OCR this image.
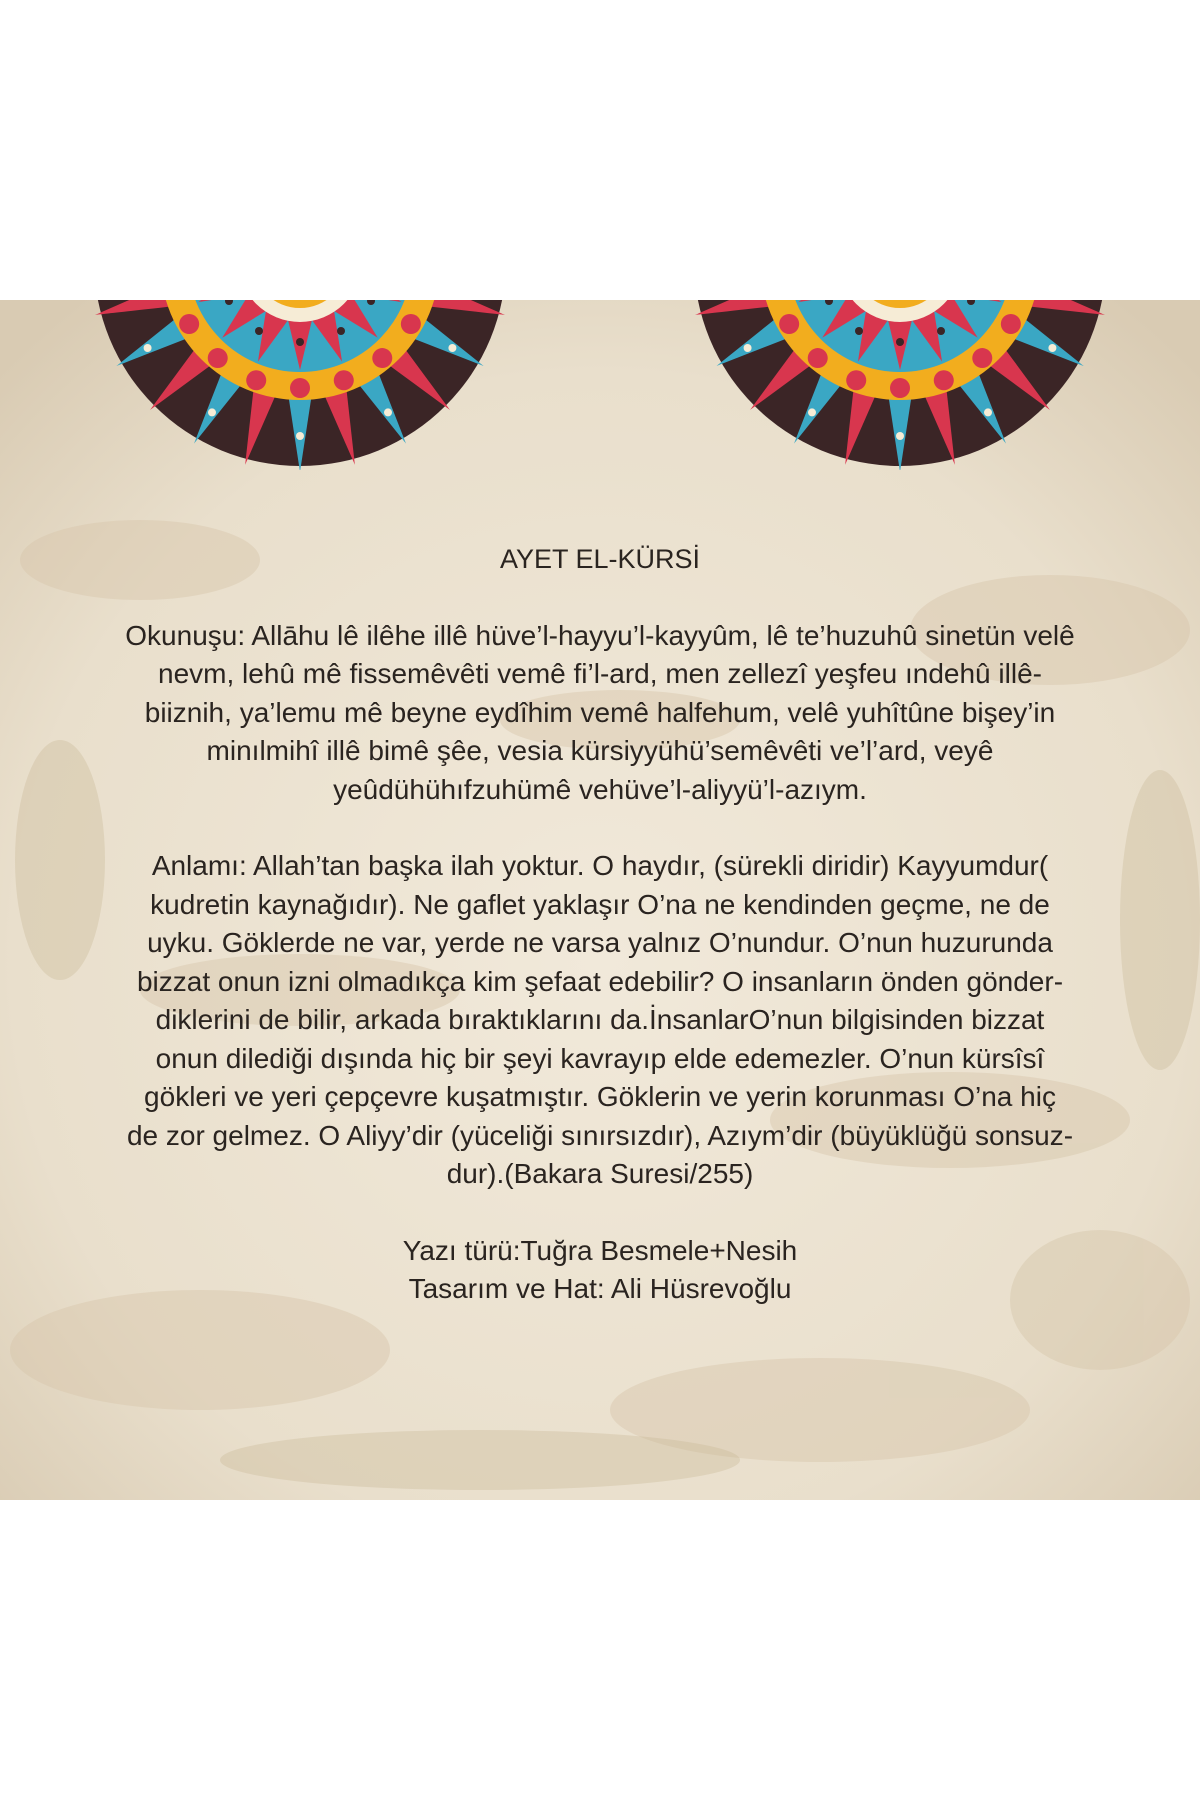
AYET EL-KÜRSİ

Okunuşu: Allāhu lê ilêhe illê hüve’l-hayyu’l-kayyûm, lê te’huzuhû sinetün velê
nevm, lehû mê fissemêvêti vemê fi’l-ard, men zellezî yeşfeu ındehû illê-
biiznih, ya’lemu mê beyne eydîhim vemê halfehum, velê yuhîtûne bişey’in
minılmihî illê bimê şêe, vesia kürsiyyühü’semêvêti ve’l’ard, veyê
yeûdühühıfzuhümê vehüve’l-aliyyü’l-azıym.

Anlamı: Allah’tan başka ilah yoktur. O haydır, (sürekli diridir) Kayyumdur(
kudretin kaynağıdır). Ne gaflet yaklaşır O’na ne kendinden geçme, ne de
uyku. Göklerde ne var, yerde ne varsa yalnız O’nundur. O’nun huzurunda
bizzat onun izni olmadıkça kim şefaat edebilir? O insanların önden gönder-
diklerini de bilir, arkada bıraktıklarını da.İnsanlarO’nun bilgisinden bizzat
onun dilediği dışında hiç bir şeyi kavrayıp elde edemezler. O’nun kürsîsî
gökleri ve yeri çepçevre kuşatmıştır. Göklerin ve yerin korunması O’na hiç
de zor gelmez. O Aliyy’dir (yüceliği sınırsızdır), Azıym’dir (büyüklüğü sonsuz-
dur).(Bakara Suresi/255)

Yazı türü:Tuğra Besmele+Nesih
Tasarım ve Hat: Ali Hüsrevoğlu
